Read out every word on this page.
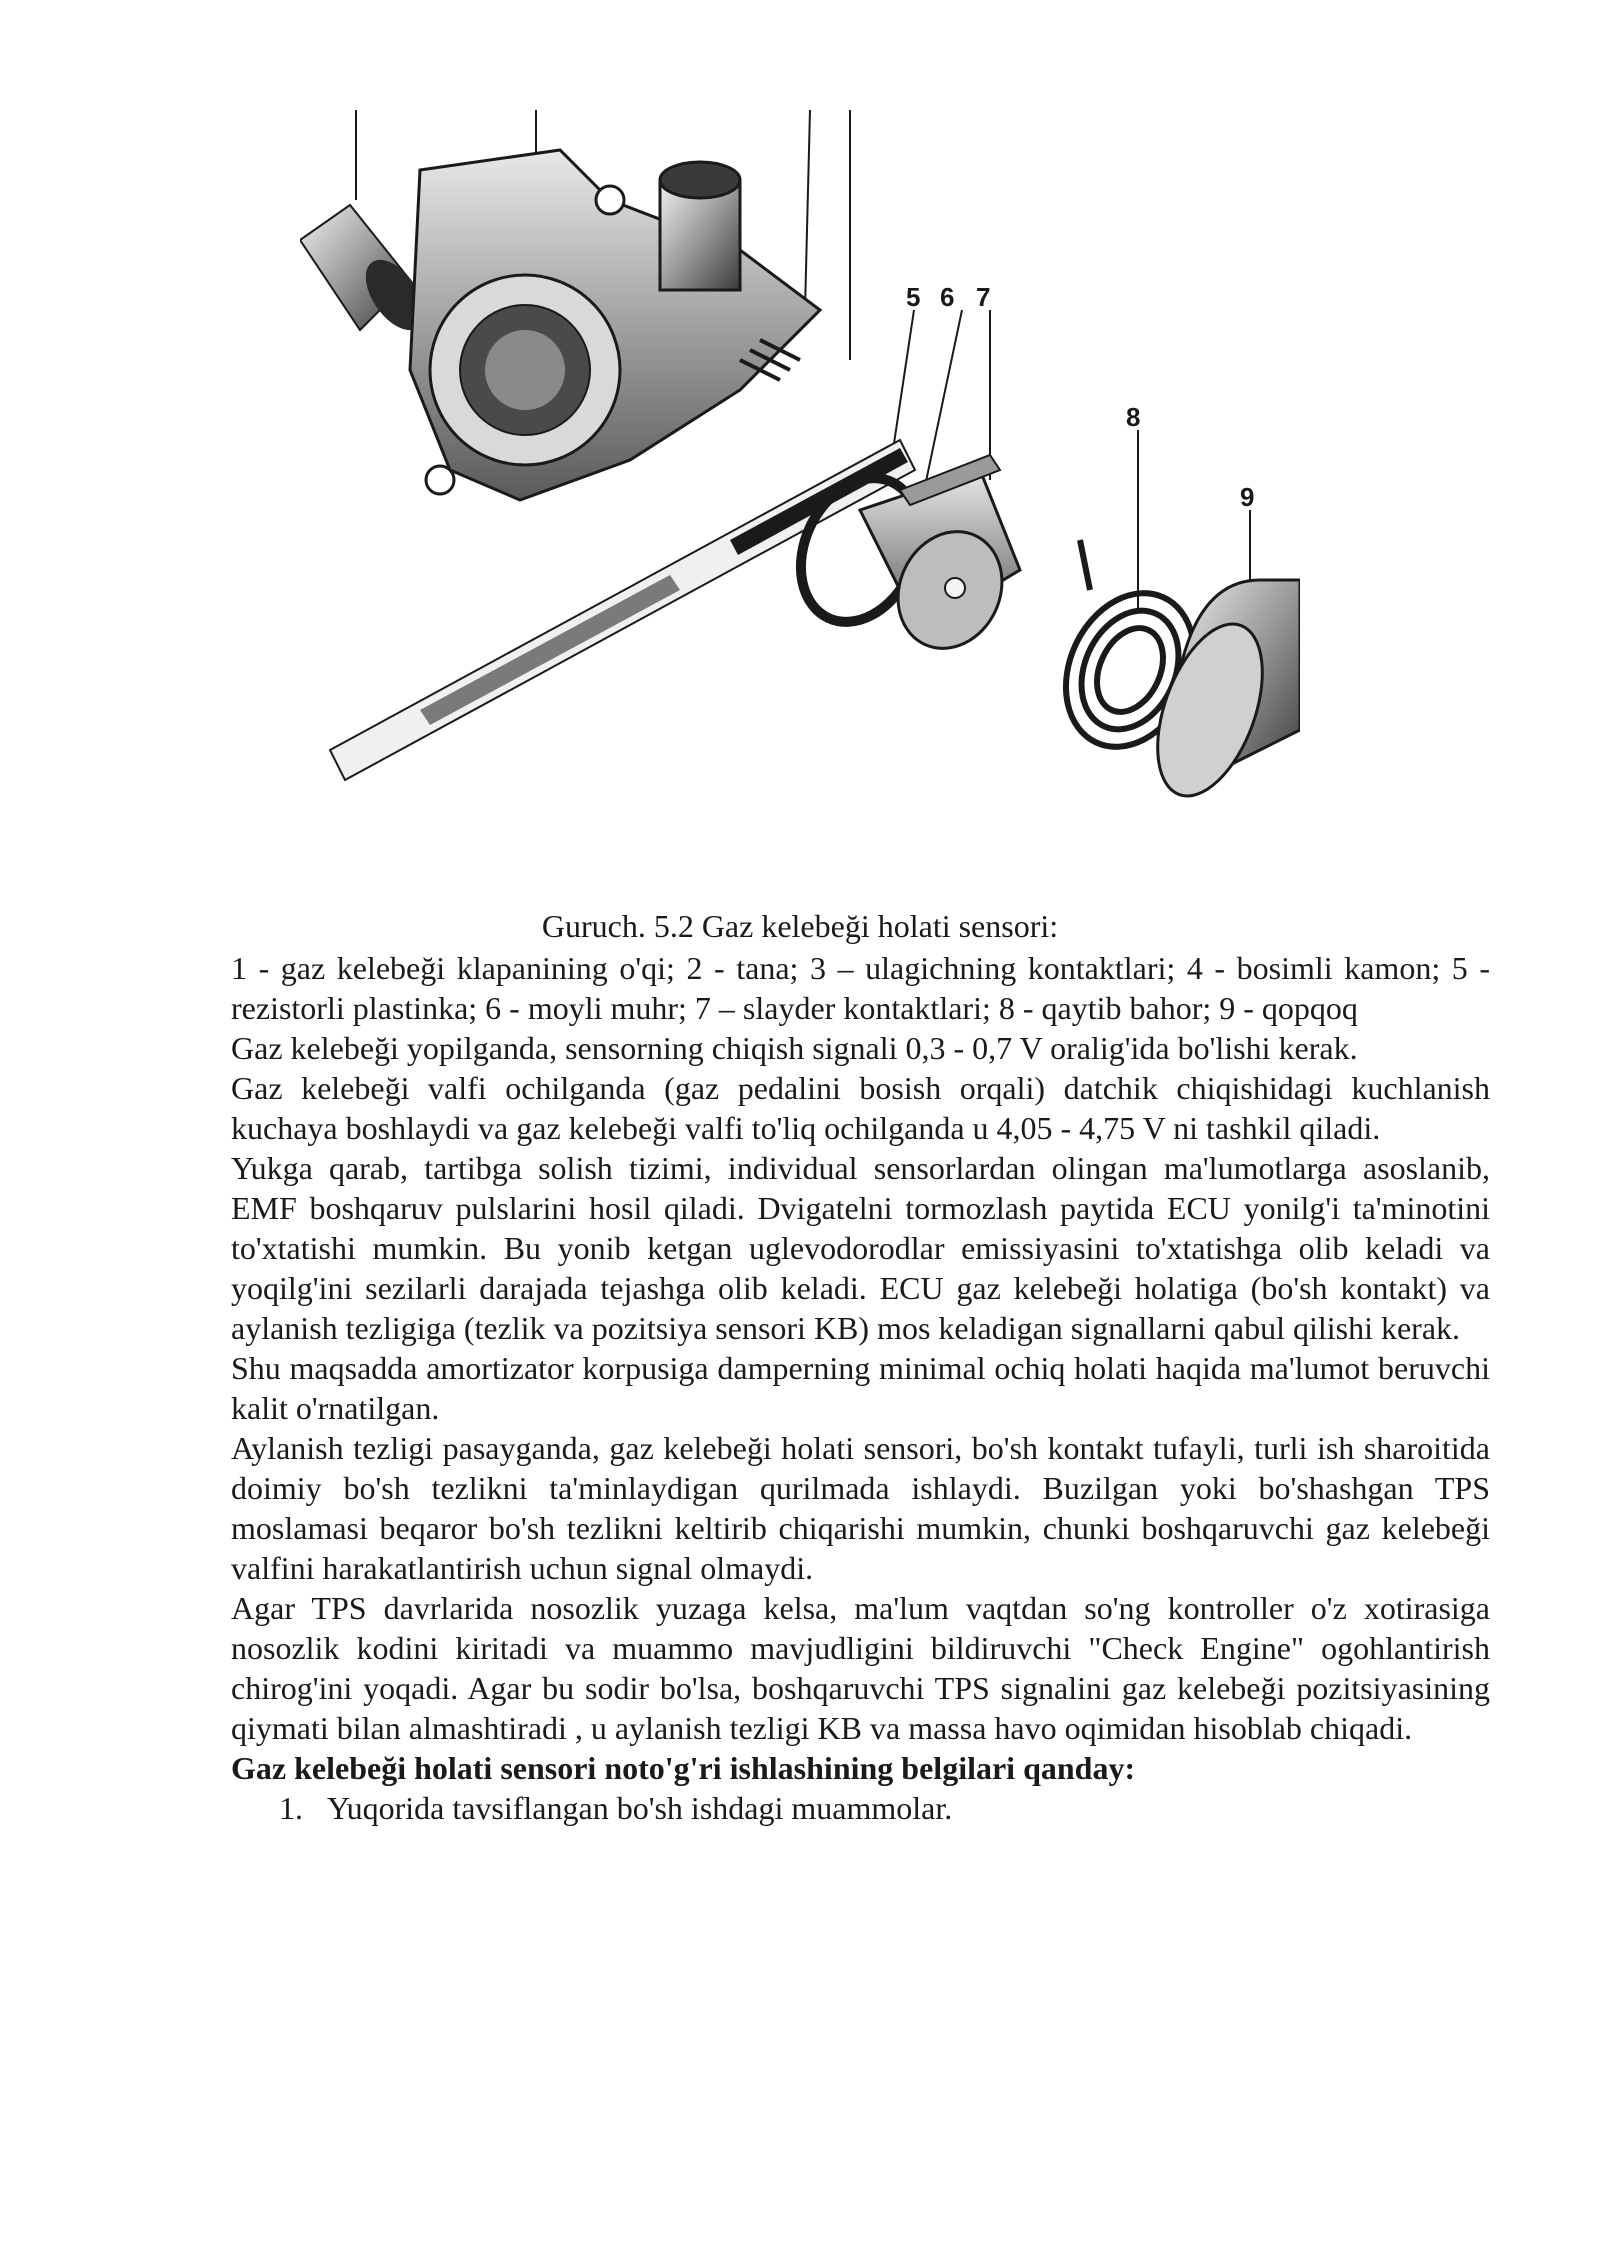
5 6 7
8
9
Guruch. 5.2 Gaz kelebeği holati sensori:

1 - gaz kelebeği klapanining o'qi; 2 - tana; 3 – ulagichning kontaktlari; 4 - bosimli kamon; 5 - rezistorli plastinka; 6 - moyli muhr; 7 – slayder kontaktlari; 8 - qaytib bahor; 9 - qopqoq

Gaz kelebeği yopilganda, sensorning chiqish signali 0,3 - 0,7 V oralig'ida bo'lishi kerak.

Gaz kelebeği valfi ochilganda (gaz pedalini bosish orqali) datchik chiqishidagi kuchlanish kuchaya boshlaydi va gaz kelebeği valfi to'liq ochilganda u 4,05 - 4,75 V ni tashkil qiladi.

Yukga qarab, tartibga solish tizimi, individual sensorlardan olingan ma'lumotlarga asoslanib, EMF boshqaruv pulslarini hosil qiladi. Dvigatelni tormozlash paytida ECU yonilg'i ta'minotini to'xtatishi mumkin. Bu yonib ketgan uglevodorodlar emissiyasini to'xtatishga olib keladi va yoqilg'ini sezilarli darajada tejashga olib keladi. ECU gaz kelebeği holatiga (bo'sh kontakt) va aylanish tezligiga (tezlik va pozitsiya sensori KB) mos keladigan signallarni qabul qilishi kerak.

Shu maqsadda amortizator korpusiga damperning minimal ochiq holati haqida ma'lumot beruvchi kalit o'rnatilgan.

Aylanish tezligi pasayganda, gaz kelebeği holati sensori, bo'sh kontakt tufayli, turli ish sharoitida doimiy bo'sh tezlikni ta'minlaydigan qurilmada ishlaydi. Buzilgan yoki bo'shashgan TPS moslamasi beqaror bo'sh tezlikni keltirib chiqarishi mumkin, chunki boshqaruvchi gaz kelebeği valfini harakatlantirish uchun signal olmaydi.

Agar TPS davrlarida nosozlik yuzaga kelsa, ma'lum vaqtdan so'ng kontroller o'z xotirasiga nosozlik kodini kiritadi va muammo mavjudligini bildiruvchi "Check Engine" ogohlantirish chirog'ini yoqadi. Agar bu sodir bo'lsa, boshqaruvchi TPS signalini gaz kelebeği pozitsiyasining qiymati bilan almashtiradi , u aylanish tezligi KB va massa havo oqimidan hisoblab chiqadi.

Gaz kelebeği holati sensori noto'g'ri ishlashining belgilari qanday:

1. Yuqorida tavsiflangan bo'sh ishdagi muammolar.
